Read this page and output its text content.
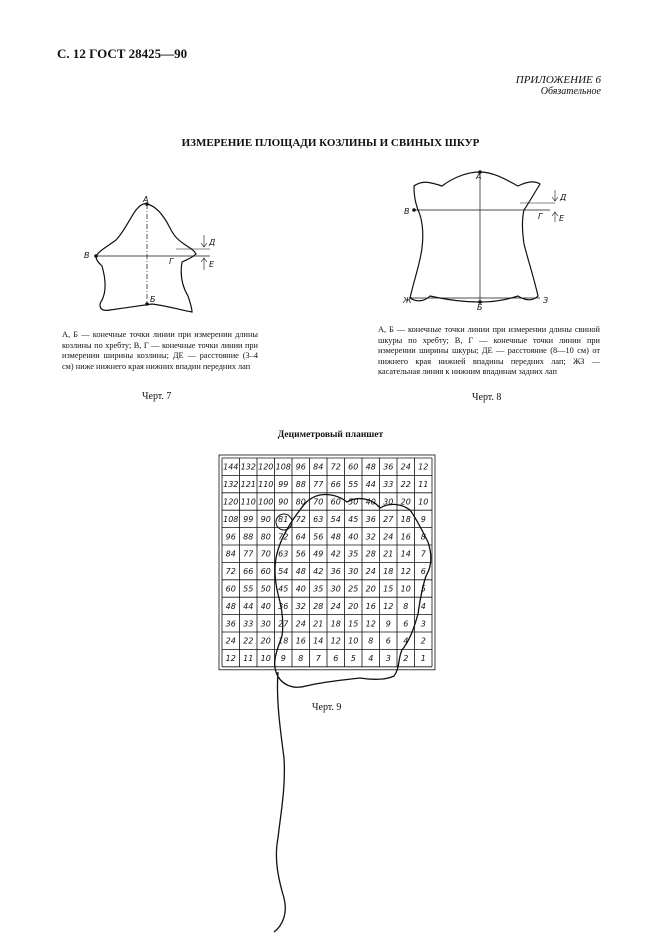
С. 12 ГОСТ 28425—90
ПРИЛОЖЕНИЕ 6
Обязательное
ИЗМЕРЕНИЕ ПЛОЩАДИ КОЗЛИНЫ И СВИНЫХ ШКУР
А
Б
В
Г
Д
Е
А, Б — конечные точки линии при измерении длины козлины по хребту; В, Г — конечные точки линии при измерении ширины козлины; ДЕ — расстояние (3–4 см) ниже нижнего края нижних впадин передних лап
Черт. 7
А
Б
В
Г
Д
Е
Ж	З
А, Б — конечные точки линии при измерении длины свиной шкуры по хребту; В, Г — конечные точки линии при измерении ширины шкуры; ДЕ — расстояние (8—10 см) от нижнего края нижней впадины передних лап; ЖЗ — касательная линия к нижним впадинам задних лап
Черт. 8
Дециметровый планшет
144 132 120 108 96 84 72 60 48 36 24 12
132 121 110 99 88 77 66 55 44 33 22 11
120 110 100 90 80 70 60 50 40 30 20 10
108 99 90 81 72 63 54 45 36 27 18 9
96 88 80 72 64 56 48 40 32 24 16 8
84 77 70 63 56 49 42 35 28 21 14 7
72 66 60 54 48 42 36 30 24 18 12 6
60 55 50 45 40 35 30 25 20 15 10 5
48 44 40 36 32 28 24 20 16 12 8 4
36 33 30 27 24 21 18 15 12 9 6 3
24 22 20 18 16 14 12 10 8 6 4 2
12 11 10 9 8 7 6 5 4 3 2 1
Черт. 9
